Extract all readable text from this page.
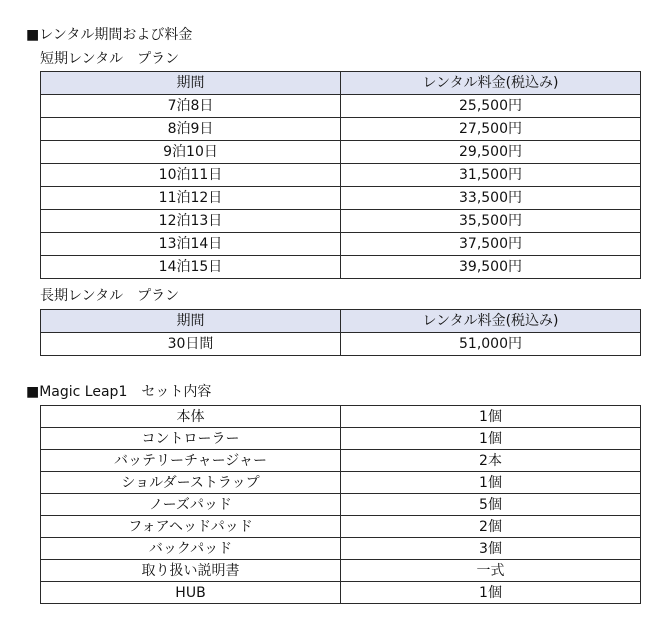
■レンタル期間および料金
短期レンタル　プラン
期間	レンタル料金(税込み)
7泊8日	25,500円
8泊9日	27,500円
9泊10日	29,500円
10泊11日	31,500円
11泊12日	33,500円
12泊13日	35,500円
13泊14日	37,500円
14泊15日	39,500円
長期レンタル　プラン
期間	レンタル料金(税込み)
30日間	51,000円
■Magic Leap1　セット内容
本体	1個
コントローラー	1個
バッテリーチャージャー	2本
ショルダーストラップ	1個
ノーズパッド	5個
フォアヘッドパッド	2個
バックパッド	3個
取り扱い説明書	一式
HUB	1個
